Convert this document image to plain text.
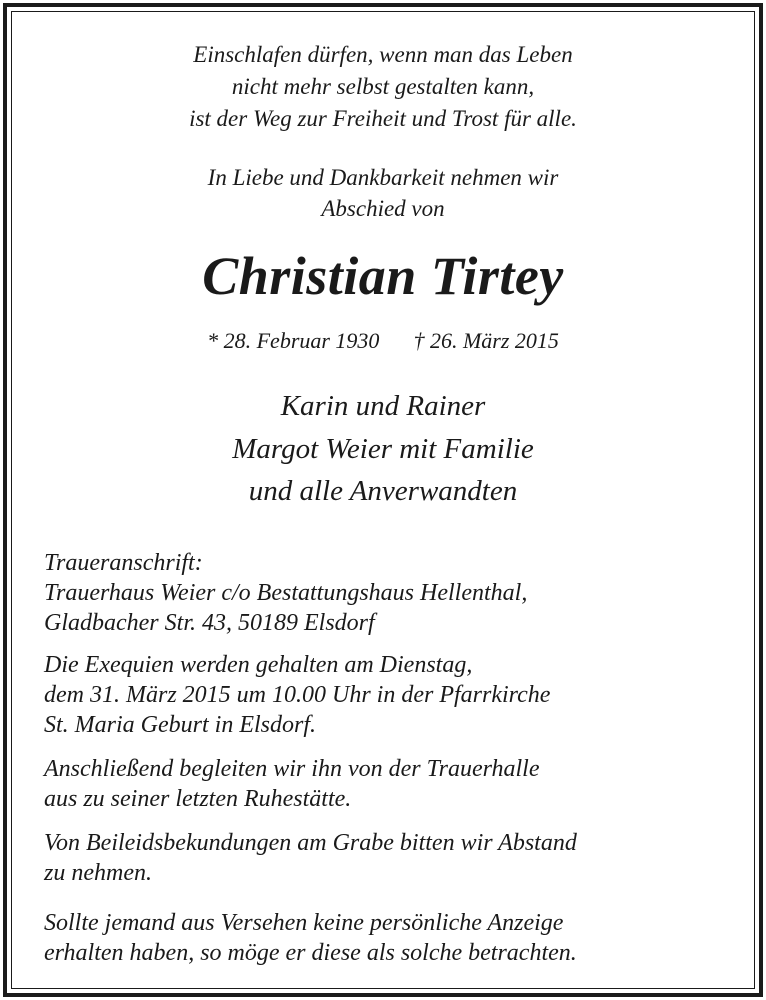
Einschlafen dürfen, wenn man das Leben

nicht mehr selbst gestalten kann,

ist der Weg zur Freiheit und Trost für alle.

In Liebe und Dankbarkeit nehmen wir

Abschied von

Christian Tirtey

* 28. Februar 1930 † 26. März 2015

Karin und Rainer

Margot Weier mit Familie

und alle Anverwandten

Traueranschrift:

Trauerhaus Weier c/o Bestattungshaus Hellenthal,

Gladbacher Str. 43, 50189 Elsdorf

Die Exequien werden gehalten am Dienstag,

dem 31. März 2015 um 10.00 Uhr in der Pfarrkirche

St. Maria Geburt in Elsdorf.

Anschließend begleiten wir ihn von der Trauerhalle

aus zu seiner letzten Ruhestätte.

Von Beileidsbekundungen am Grabe bitten wir Abstand

zu nehmen.

Sollte jemand aus Versehen keine persönliche Anzeige

erhalten haben, so möge er diese als solche betrachten.
